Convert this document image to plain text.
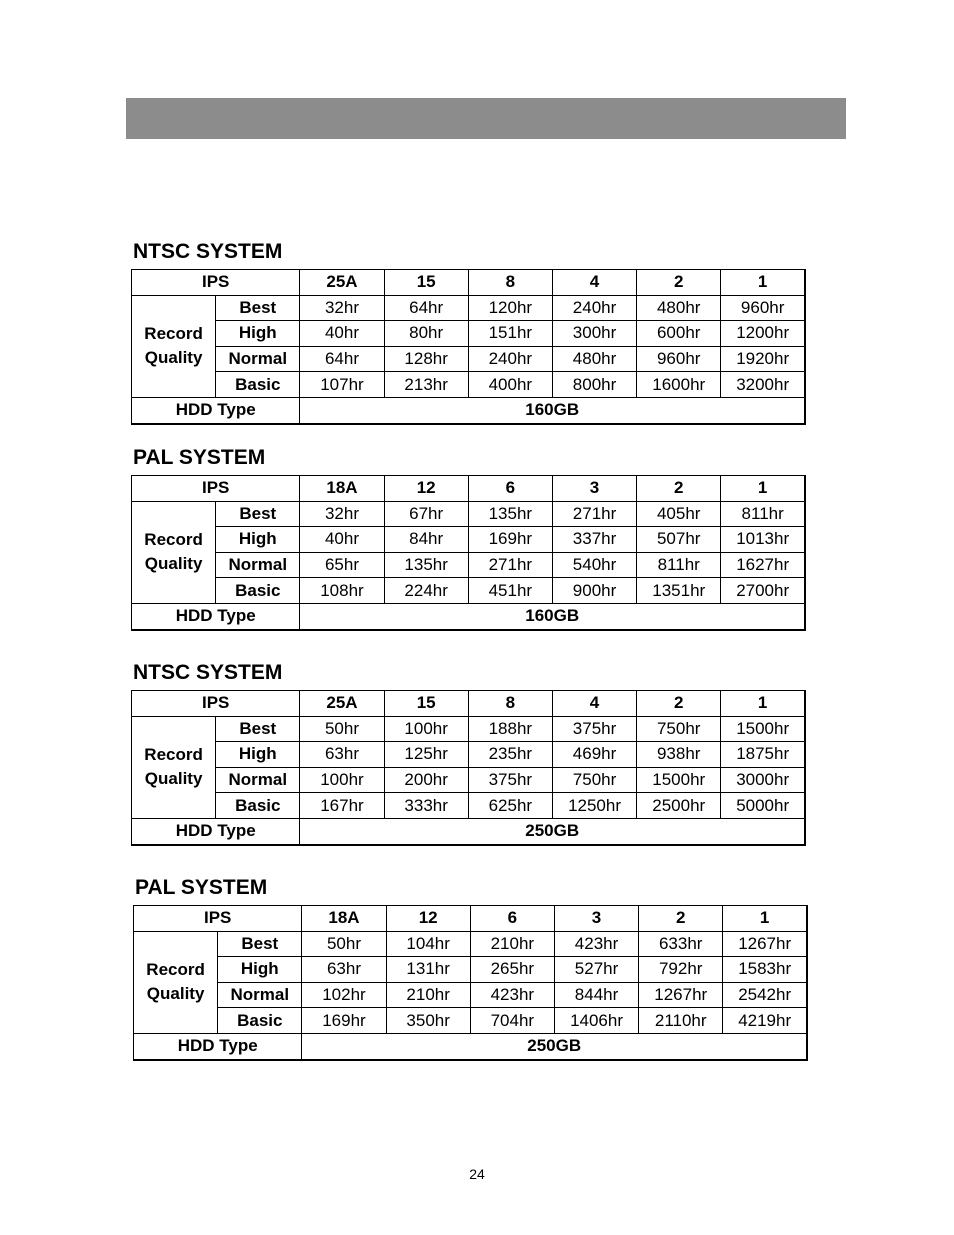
NTSC SYSTEM
IPS		25A	15	8	4	2	1

Record
Quality	Best	32hr	64hr	120hr	240hr	480hr	960hr
	High	40hr	80hr	151hr	300hr	600hr	1200hr
	Normal	64hr	128hr	240hr	480hr	960hr	1920hr
	Basic	107hr	213hr	400hr	800hr	1600hr	3200hr
HDD Type		160GB					
PAL SYSTEM
IPS		18A	12	6	3	2	1

Record
Quality	Best	32hr	67hr	135hr	271hr	405hr	811hr
	High	40hr	84hr	169hr	337hr	507hr	1013hr
	Normal	65hr	135hr	271hr	540hr	811hr	1627hr
	Basic	108hr	224hr	451hr	900hr	1351hr	2700hr
HDD Type		160GB					
NTSC SYSTEM
IPS		25A	15	8	4	2	1

Record
Quality	Best	50hr	100hr	188hr	375hr	750hr	1500hr
	High	63hr	125hr	235hr	469hr	938hr	1875hr
	Normal	100hr	200hr	375hr	750hr	1500hr	3000hr
	Basic	167hr	333hr	625hr	1250hr	2500hr	5000hr
HDD Type		250GB					
PAL SYSTEM
IPS		18A	12	6	3	2	1

Record
Quality	Best	50hr	104hr	210hr	423hr	633hr	1267hr
	High	63hr	131hr	265hr	527hr	792hr	1583hr
	Normal	102hr	210hr	423hr	844hr	1267hr	2542hr
	Basic	169hr	350hr	704hr	1406hr	2110hr	4219hr
HDD Type		250GB					
24
